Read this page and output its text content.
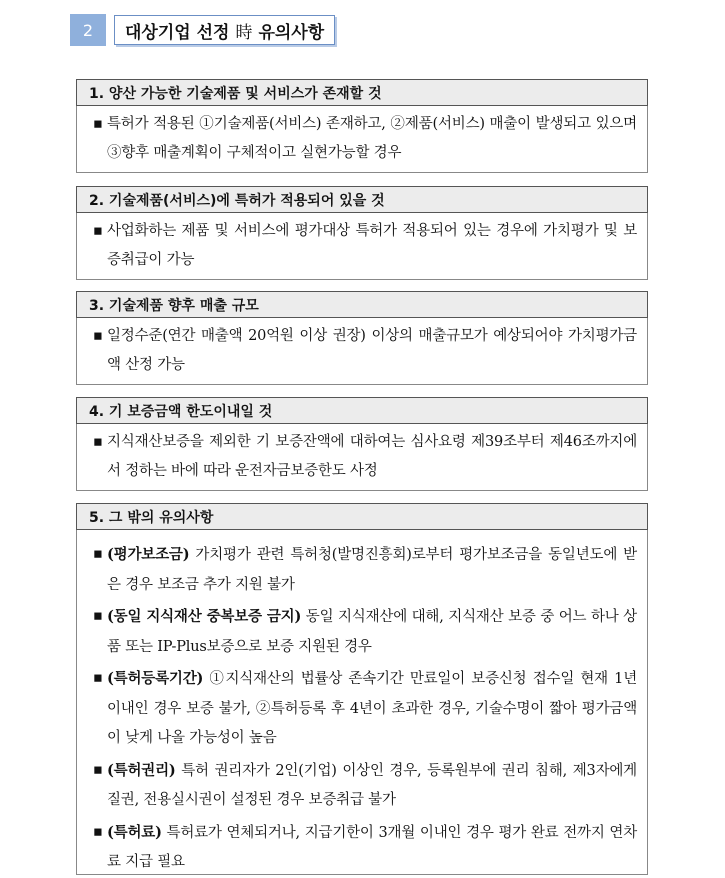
2	대상기업 선정 時 유의사항
1. 양산 가능한 기술제품 및 서비스가 존재할 것
▪ 특허가 적용된 ①기술제품(서비스) 존재하고, ②제품(서비스) 매출이 발생되고 있으며 ③향후 매출계획이 구체적이고 실현가능할 경우
2. 기술제품(서비스)에 특허가 적용되어 있을 것
▪ 사업화하는 제품 및 서비스에 평가대상 특허가 적용되어 있는 경우에 가치평가 및 보증취급이 가능
3. 기술제품 향후 매출 규모
▪ 일정수준(연간 매출액 20억원 이상 권장) 이상의 매출규모가 예상되어야 가치평가금액 산정 가능
4. 기 보증금액 한도이내일 것
▪ 지식재산보증을 제외한 기 보증잔액에 대하여는 심사요령 제39조부터 제46조까지에서 정하는 바에 따라 운전자금보증한도 사정
5. 그 밖의 유의사항
▪ (평가보조금) 가치평가 관련 특허청(발명진흥회)로부터 평가보조금을 동일년도에 받은 경우 보조금 추가 지원 불가
▪ (동일 지식재산 중복보증 금지) 동일 지식재산에 대해, 지식재산 보증 중 어느 하나 상품 또는 IP-Plus보증으로 보증 지원된 경우
▪ (특허등록기간) ①지식재산의 법률상 존속기간 만료일이 보증신청 접수일 현재 1년 이내인 경우 보증 불가, ②특허등록 후 4년이 초과한 경우, 기술수명이 짧아 평가금액이 낮게 나올 가능성이 높음
▪ (특허권리) 특허 권리자가 2인(기업) 이상인 경우, 등록원부에 권리 침해, 제3자에게 질권, 전용실시권이 설정된 경우 보증취급 불가
▪ (특허료) 특허료가 연체되거나, 지급기한이 3개월 이내인 경우 평가 완료 전까지 연차료 지급 필요
